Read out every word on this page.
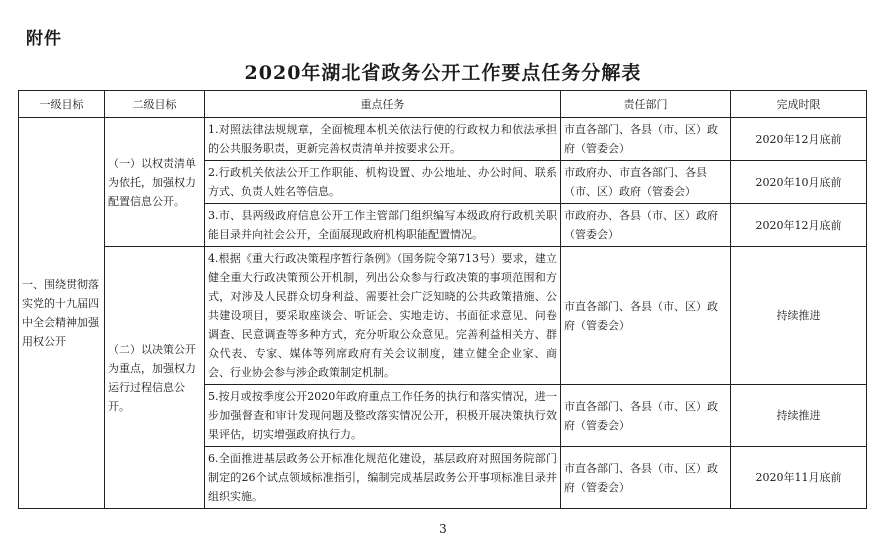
附件
2020年湖北省政务公开工作要点任务分解表
一级目标	二级目标	重点任务	责任部门	完成时限
一、围绕贯彻落实党的十九届四中全会精神加强用权公开	（一）以权责清单为依托，加强权力配置信息公开。	1.对照法律法规规章，全面梳理本机关依法行使的行政权力和依法承担的公共服务职责，更新完善权责清单并按要求公开。	市直各部门、各县（市、区）政府（管委会）	2020年12月底前
		2.行政机关依法公开工作职能、机构设置、办公地址、办公时间、联系方式、负责人姓名等信息。	市政府办、市直各部门、各县（市、区）政府（管委会）	2020年10月底前
		3.市、县两级政府信息公开工作主管部门组织编写本级政府行政机关职能目录并向社会公开，全面展现政府机构职能配置情况。	市政府办、各县（市、区）政府（管委会）	2020年12月底前
	（二）以决策公开为重点，加强权力运行过程信息公开。	4.根据《重大行政决策程序暂行条例》（国务院令第713号）要求，建立健全重大行政决策预公开机制，列出公众参与行政决策的事项范围和方式，对涉及人民群众切身利益、需要社会广泛知晓的公共政策措施、公共建设项目，要采取座谈会、听证会、实地走访、书面征求意见、问卷调查、民意调查等多种方式，充分听取公众意见。完善利益相关方、群众代表、专家、媒体等列席政府有关会议制度，建立健全企业家、商会、行业协会参与涉企政策制定机制。	市直各部门、各县（市、区）政府（管委会）	持续推进
		5.按月或按季度公开2020年政府重点工作任务的执行和落实情况，进一步加强督查和审计发现问题及整改落实情况公开，积极开展决策执行效果评估，切实增强政府执行力。	市直各部门、各县（市、区）政府（管委会）	持续推进
		6.全面推进基层政务公开标准化规范化建设，基层政府对照国务院部门制定的26个试点领域标准指引，编制完成基层政务公开事项标准目录并组织实施。	市直各部门、各县（市、区）政府（管委会）	2020年11月底前
3
